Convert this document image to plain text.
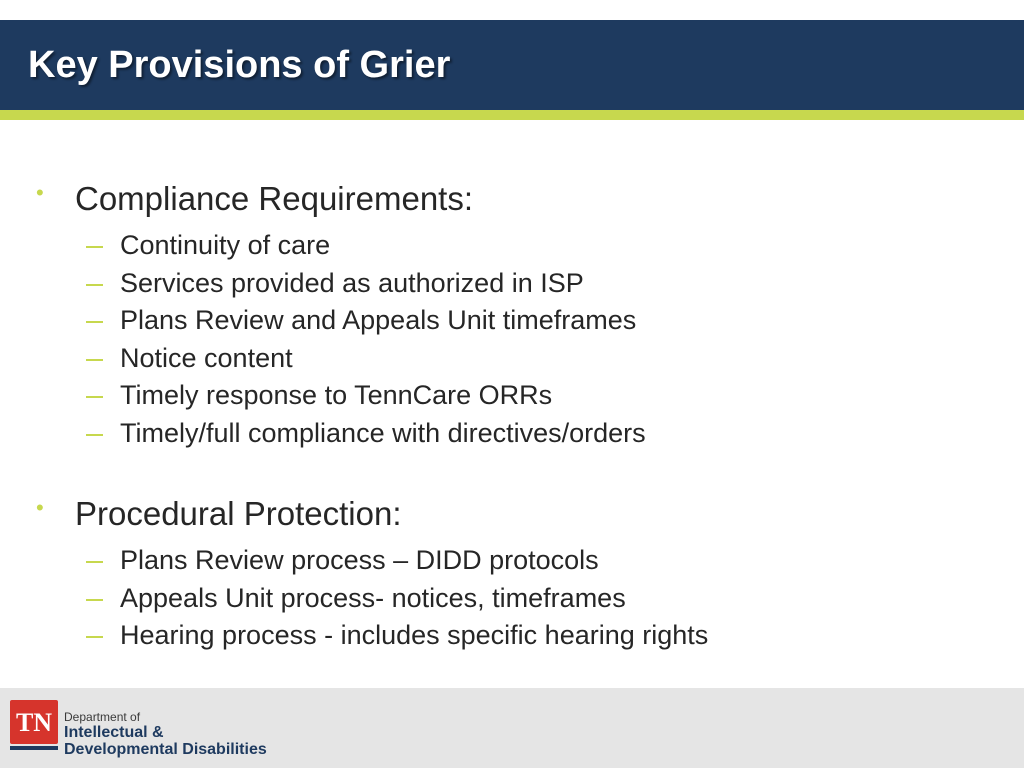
Key Provisions of Grier
• Compliance Requirements:
Continuity of care
Services provided as authorized in ISP
Plans Review and Appeals Unit timeframes
Notice content
Timely response to TennCare ORRs
Timely/full compliance with directives/orders
• Procedural Protection:
Plans Review process – DIDD protocols
Appeals Unit process- notices, timeframes
Hearing process - includes specific hearing rights
TN Department of
Intellectual &
Developmental Disabilities
